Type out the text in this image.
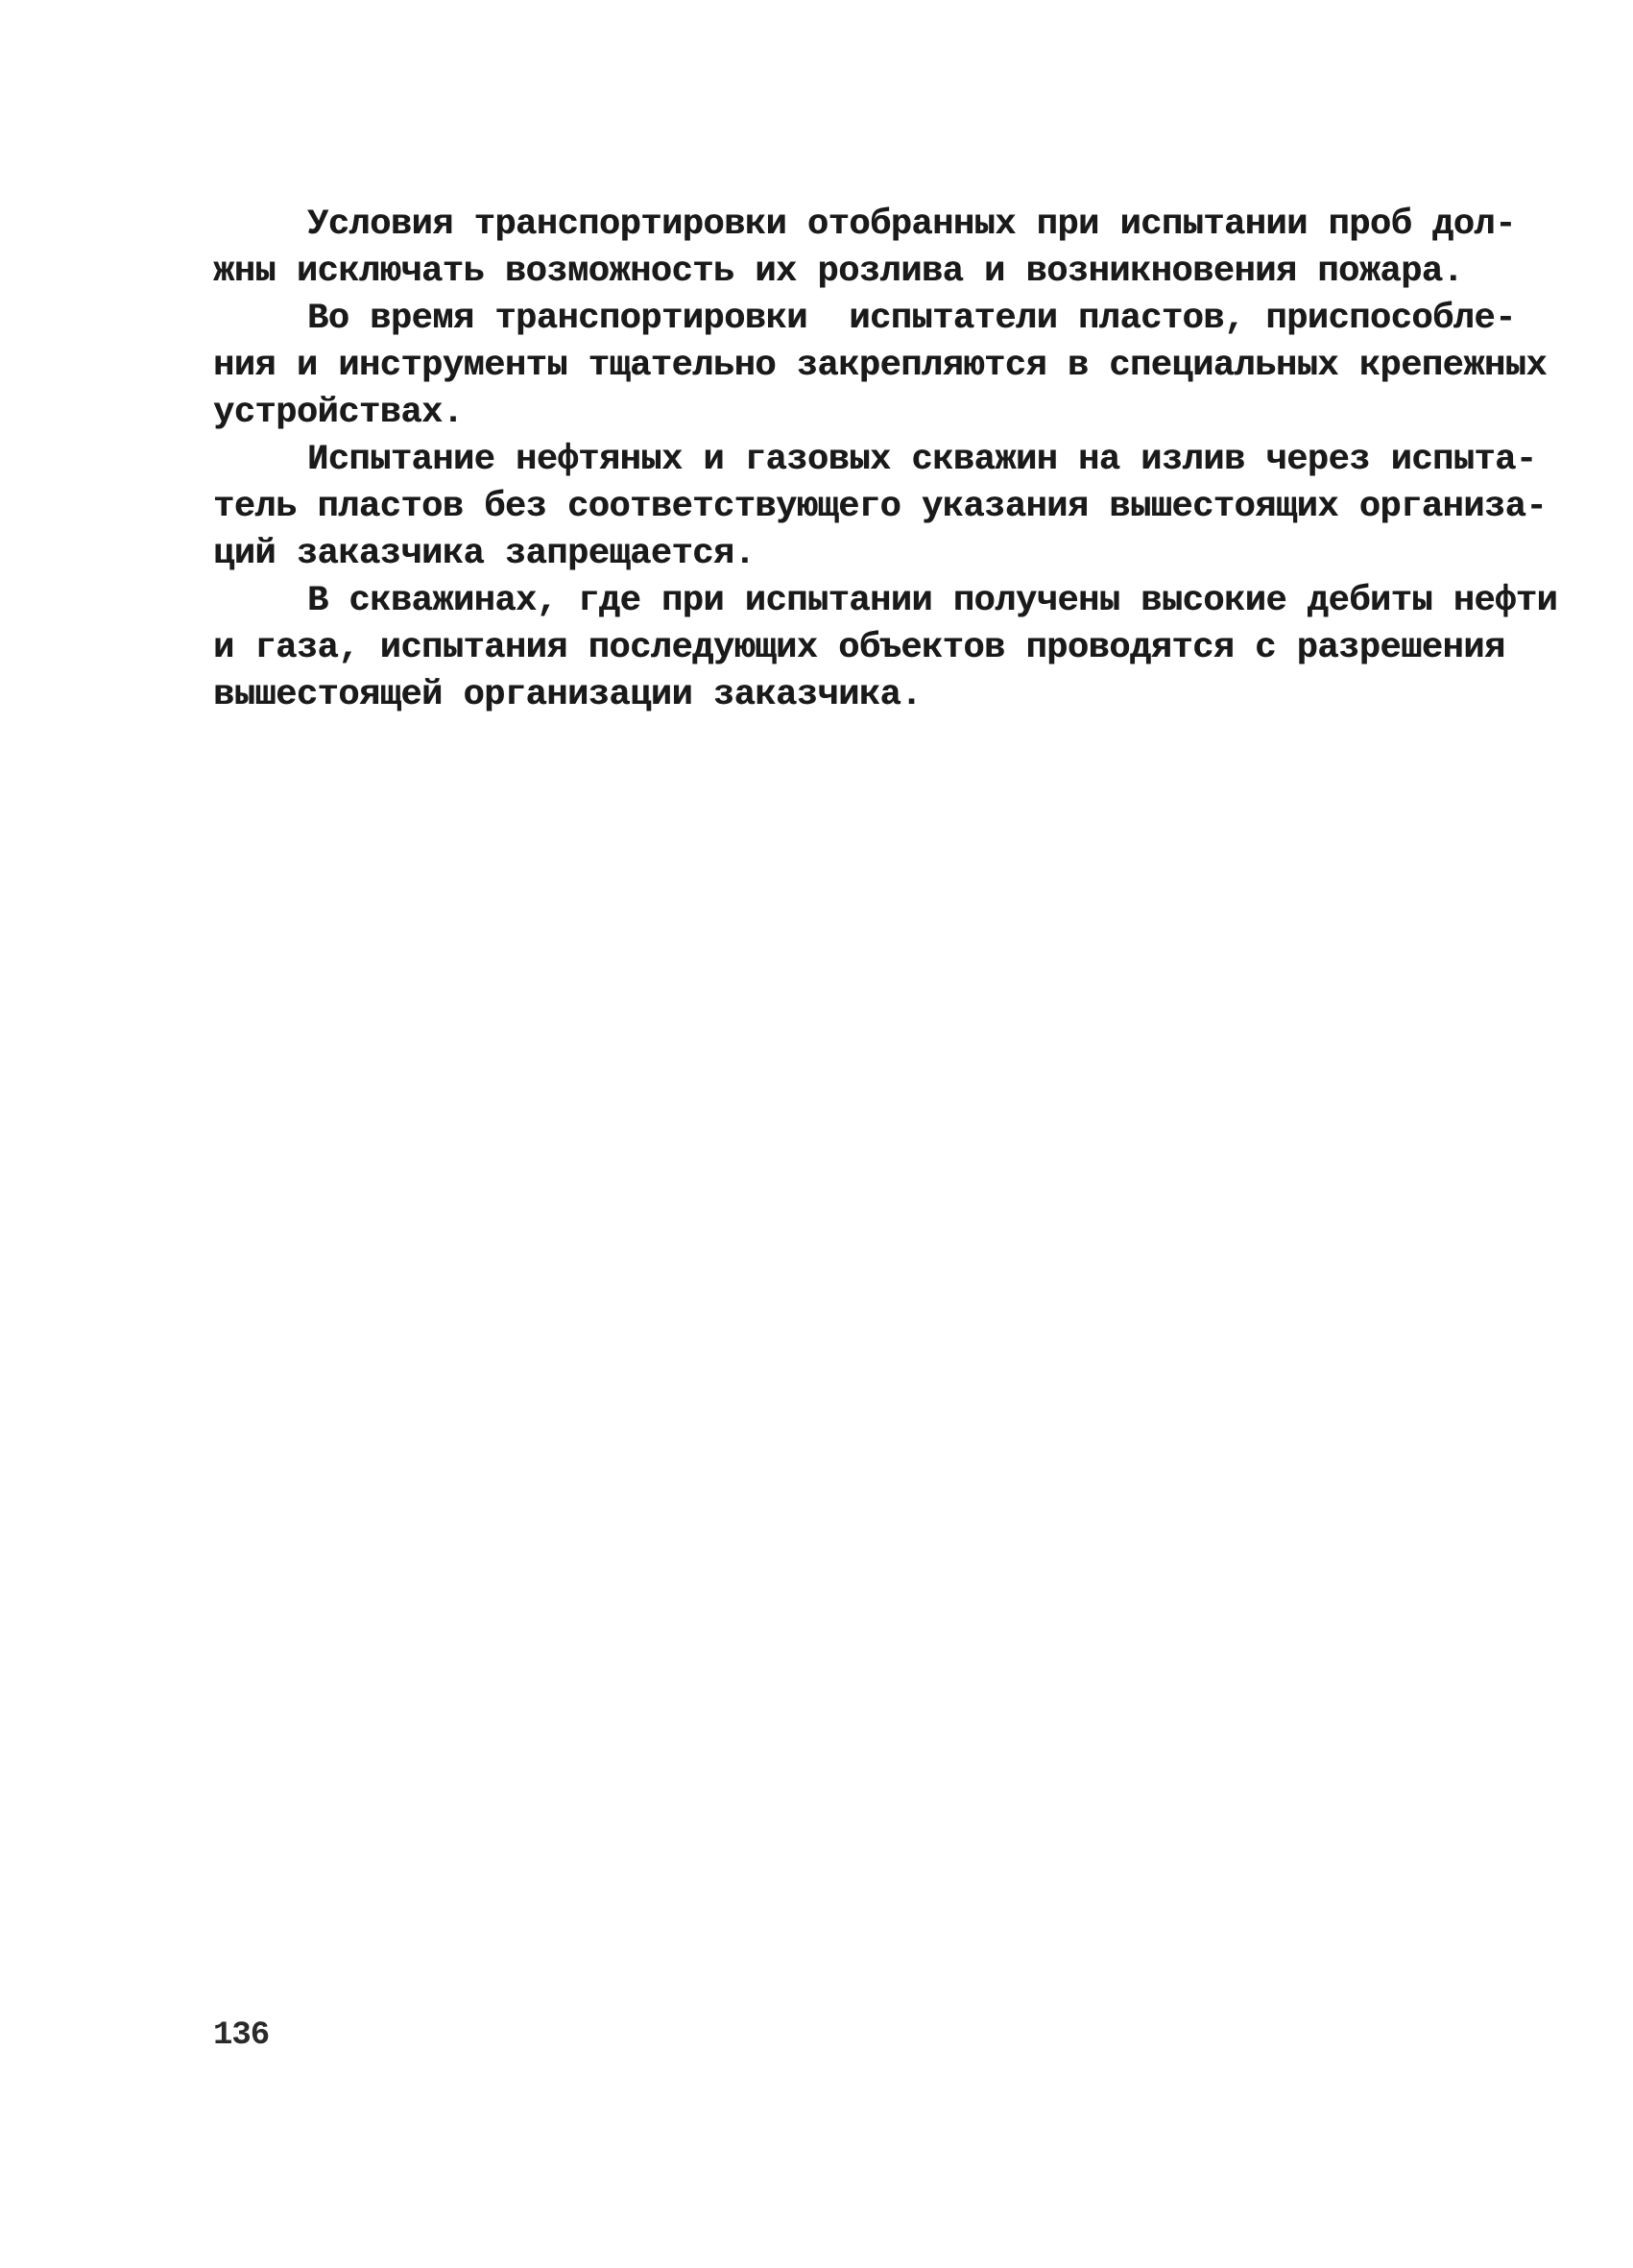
Условия транспортировки отобранных при испытании проб дол-
жны исключать возможность их розлива и возникновения пожара.
Во время транспортировки  испытатели пластов, приспособле-
ния и инструменты тщательно закрепляются в специальных крепежных
устройствах.
Испытание нефтяных и газовых скважин на излив через испыта-
тель пластов без соответствующего указания вышестоящих организа-
ций заказчика запрещается.
В скважинах, где при испытании получены высокие дебиты нефти
и газа, испытания последующих объектов проводятся с разрешения
вышестоящей организации заказчика.
136
